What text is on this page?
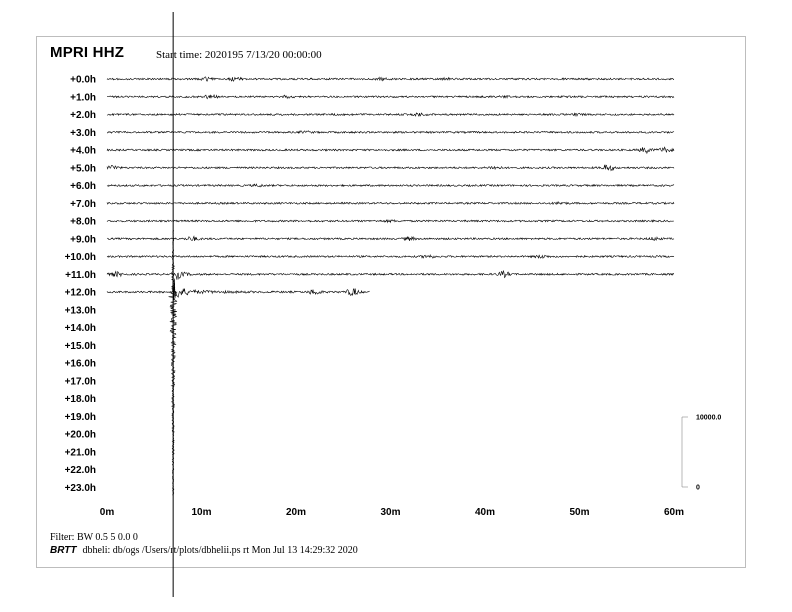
MPRI HHZ	Start time: 2020195 7/13/20 00:00:00
+0.0h
+1.0h
+2.0h
+3.0h
+4.0h
+5.0h
+6.0h
+7.0h
+8.0h
+9.0h
+10.0h
+11.0h
+12.0h
+13.0h
+14.0h
+15.0h
+16.0h
+17.0h
+18.0h
+19.0h
+20.0h
+21.0h
+22.0h
+23.0h
0m	10m	20m	30m	40m	50m	60m
10000.0
0
Filter: BW 0.5 5 0.0 0
BRTT dbheli: db/ogs /Users/rt/plots/dbhelii.ps rt Mon Jul 13 14:29:32 2020
